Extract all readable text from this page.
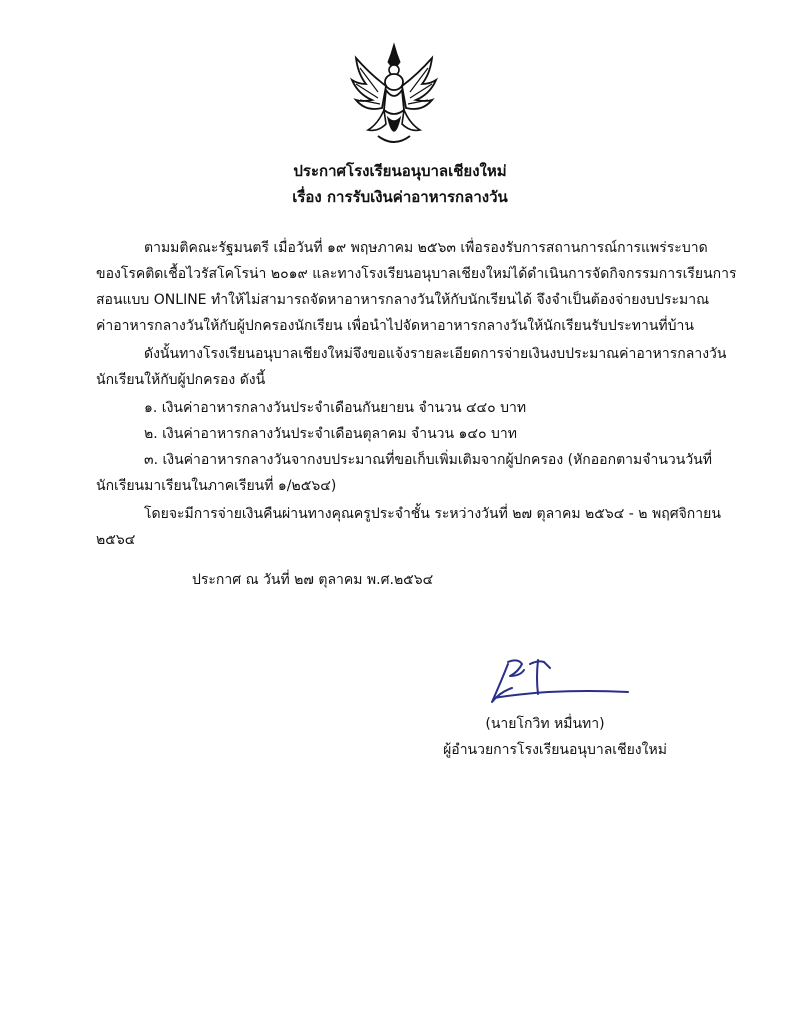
ประกาศโรงเรียนอนุบาลเชียงใหม่
เรื่อง การรับเงินค่าอาหารกลางวัน
ตามมติคณะรัฐมนตรี เมื่อวันที่ ๑๙ พฤษภาคม ๒๕๖๓ เพื่อรองรับการสถานการณ์การแพร่ระบาด
ของโรคติดเชื้อไวรัสโคโรน่า ๒๐๑๙ และทางโรงเรียนอนุบาลเชียงใหม่ได้ดำเนินการจัดกิจกรรมการเรียนการ
สอนแบบ ONLINE ทำให้ไม่สามารถจัดหาอาหารกลางวันให้กับนักเรียนได้ จึงจำเป็นต้องจ่ายงบประมาณ
ค่าอาหารกลางวันให้กับผู้ปกครองนักเรียน เพื่อนำไปจัดหาอาหารกลางวันให้นักเรียนรับประทานที่บ้าน
ดังนั้นทางโรงเรียนอนุบาลเชียงใหม่จึงขอแจ้งรายละเอียดการจ่ายเงินงบประมาณค่าอาหารกลางวัน
นักเรียนให้กับผู้ปกครอง ดังนี้
๑. เงินค่าอาหารกลางวันประจำเดือนกันยายน จำนวน ๔๔๐ บาท
๒. เงินค่าอาหารกลางวันประจำเดือนตุลาคม จำนวน ๑๔๐ บาท
๓. เงินค่าอาหารกลางวันจากงบประมาณที่ขอเก็บเพิ่มเติมจากผู้ปกครอง (หักออกตามจำนวนวันที่
นักเรียนมาเรียนในภาคเรียนที่ ๑/๒๕๖๔)
โดยจะมีการจ่ายเงินคืนผ่านทางคุณครูประจำชั้น ระหว่างวันที่ ๒๗ ตุลาคม ๒๕๖๔ - ๒ พฤศจิกายน
๒๕๖๔
ประกาศ ณ วันที่ ๒๗ ตุลาคม พ.ศ.๒๕๖๔
(นายโกวิท หมื่นทา)
ผู้อำนวยการโรงเรียนอนุบาลเชียงใหม่
